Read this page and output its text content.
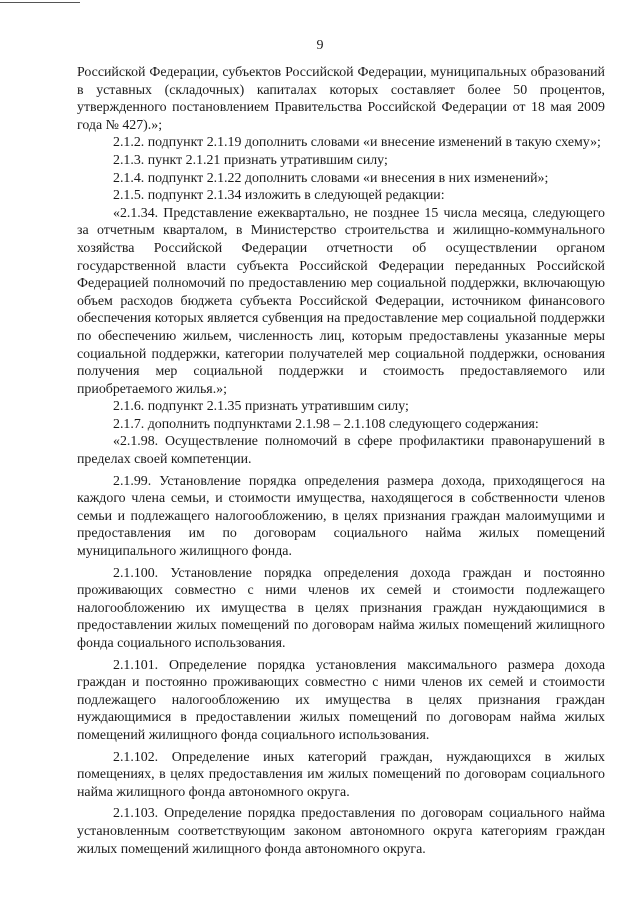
9

Российской Федерации, субъектов Российской Федерации, муниципальных образований в уставных (складочных) капиталах которых составляет более 50 процентов, утвержденного постановлением Правительства Российской Федерации от 18 мая 2009 года № 427).»;

2.1.2. подпункт 2.1.19 дополнить словами «и внесение изменений в такую схему»;

2.1.3. пункт 2.1.21 признать утратившим силу;

2.1.4. подпункт 2.1.22 дополнить словами «и внесения в них изменений»;

2.1.5. подпункт 2.1.34 изложить в следующей редакции:

«2.1.34. Представление ежеквартально, не позднее 15 числа месяца, следующего за отчетным кварталом, в Министерство строительства и жилищно-коммунального хозяйства Российской Федерации отчетности об осуществлении органом государственной власти субъекта Российской Федерации переданных Российской Федерацией полномочий по предоставлению мер социальной поддержки, включающую объем расходов бюджета субъекта Российской Федерации, источником финансового обеспечения которых является субвенция на предоставление мер социальной поддержки по обеспечению жильем, численность лиц, которым предоставлены указанные меры социальной поддержки, категории получателей мер социальной поддержки, основания получения мер социальной поддержки и стоимость предоставляемого или приобретаемого жилья.»;

2.1.6. подпункт 2.1.35 признать утратившим силу;

2.1.7. дополнить подпунктами 2.1.98 – 2.1.108 следующего содержания:

«2.1.98. Осуществление полномочий в сфере профилактики правонарушений в пределах своей компетенции.

2.1.99. Установление порядка определения размера дохода, приходящегося на каждого члена семьи, и стоимости имущества, находящегося в собственности членов семьи и подлежащего налогообложению, в целях признания граждан малоимущими и предоставления им по договорам социального найма жилых помещений муниципального жилищного фонда.

2.1.100. Установление порядка определения дохода граждан и постоянно проживающих совместно с ними членов их семей и стоимости подлежащего налогообложению их имущества в целях признания граждан нуждающимися в предоставлении жилых помещений по договорам найма жилых помещений жилищного фонда социального использования.

2.1.101. Определение порядка установления максимального размера дохода граждан и постоянно проживающих совместно с ними членов их семей и стоимости подлежащего налогообложению их имущества в целях признания граждан нуждающимися в предоставлении жилых помещений по договорам найма жилых помещений жилищного фонда социального использования.

2.1.102. Определение иных категорий граждан, нуждающихся в жилых помещениях, в целях предоставления им жилых помещений по договорам социального найма жилищного фонда автономного округа.

2.1.103. Определение порядка предоставления по договорам социального найма установленным соответствующим законом автономного округа категориям граждан жилых помещений жилищного фонда автономного округа.
